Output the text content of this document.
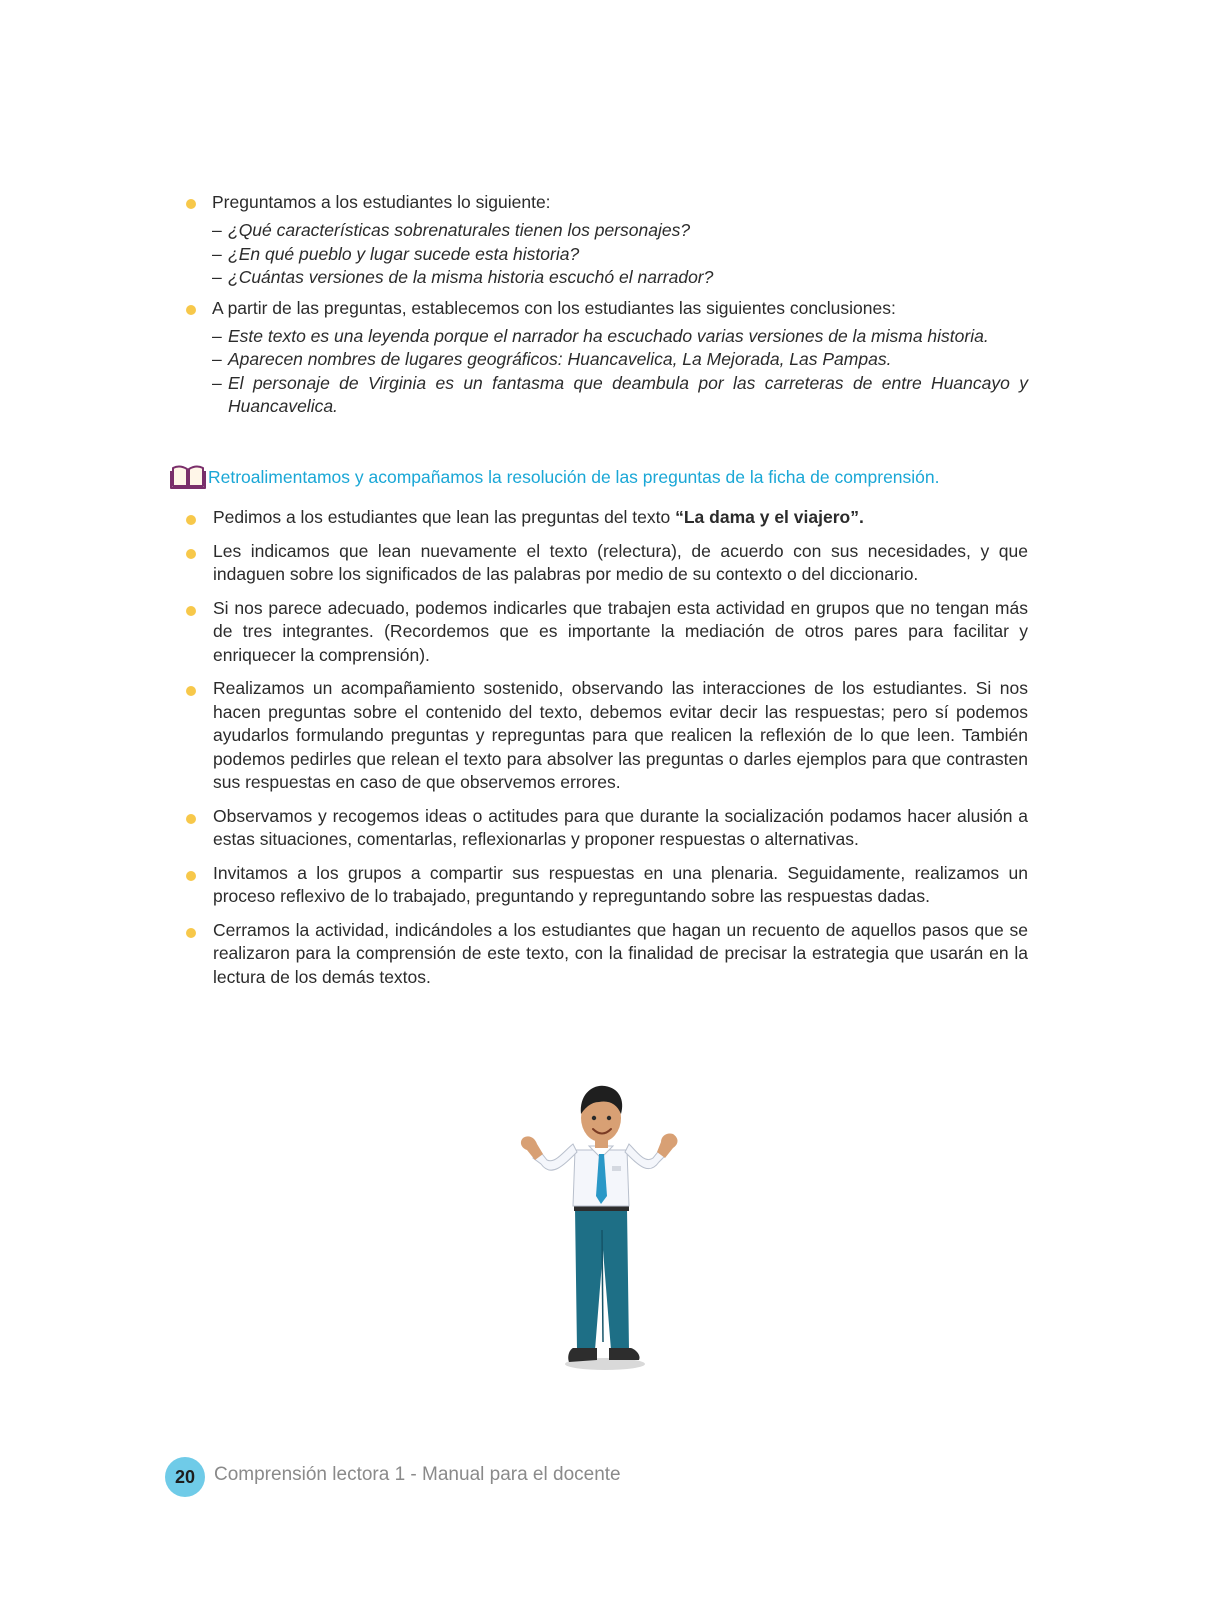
Preguntamos a los estudiantes lo siguiente:
– ¿Qué características sobrenaturales tienen los personajes?
– ¿En qué pueblo y lugar sucede esta historia?
– ¿Cuántas versiones de la misma historia escuchó el narrador?
A partir de las preguntas, establecemos con los estudiantes las siguientes conclusiones:
– Este texto es una leyenda porque el narrador ha escuchado varias versiones de la misma historia.
– Aparecen nombres de lugares geográficos: Huancavelica, La Mejorada, Las Pampas.
– El personaje de Virginia es un fantasma que deambula por las carreteras de entre Huancayo y Huancavelica.
Retroalimentamos y acompañamos la resolución de las preguntas de la ficha de comprensión.
Pedimos a los estudiantes que lean las preguntas del texto “La dama y el viajero”.
Les indicamos que lean nuevamente el texto (relectura), de acuerdo con sus necesidades, y que indaguen sobre los significados de las palabras por medio de su contexto o del diccionario.
Si nos parece adecuado, podemos indicarles que trabajen esta actividad en grupos que no tengan más de tres integrantes. (Recordemos que es importante la mediación de otros pares para facilitar y enriquecer la comprensión).
Realizamos un acompañamiento sostenido, observando las interacciones de los estudiantes. Si nos hacen preguntas sobre el contenido del texto, debemos evitar decir las respuestas; pero sí podemos ayudarlos formulando preguntas y repreguntas para que realicen la reflexión de lo que leen. También podemos pedirles que relean el texto para absolver las preguntas o darles ejemplos para que contrasten sus respuestas en caso de que observemos errores.
Observamos y recogemos ideas o actitudes para que durante la socialización podamos hacer alusión a estas situaciones, comentarlas, reflexionarlas y proponer respuestas o alternativas.
Invitamos a los grupos a compartir sus respuestas en una plenaria. Seguidamente, realizamos un proceso reflexivo de lo trabajado, preguntando y repreguntando sobre las respuestas dadas.
Cerramos la actividad, indicándoles a los estudiantes que hagan un recuento de aquellos pasos que se realizaron para la comprensión de este texto, con la finalidad de precisar la estrategia que usarán en la lectura de los demás textos.
20 Comprensión lectora 1 - Manual para el docente
